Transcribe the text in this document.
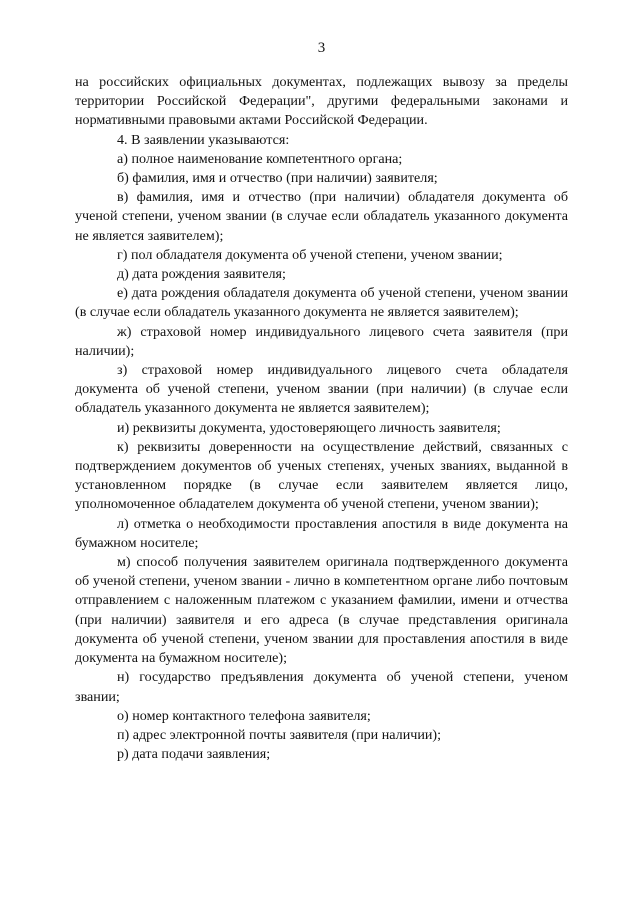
3

на российских официальных документах, подлежащих вывозу за пределы территории Российской Федерации", другими федеральными законами и нормативными правовыми актами Российской Федерации.

4. В заявлении указываются:

а) полное наименование компетентного органа;

б) фамилия, имя и отчество (при наличии) заявителя;

в) фамилия, имя и отчество (при наличии) обладателя документа об ученой степени, ученом звании (в случае если обладатель указанного документа не является заявителем);

г) пол обладателя документа об ученой степени, ученом звании;

д) дата рождения заявителя;

е) дата рождения обладателя документа об ученой степени, ученом звании (в случае если обладатель указанного документа не является заявителем);

ж) страховой номер индивидуального лицевого счета заявителя (при наличии);

з) страховой номер индивидуального лицевого счета обладателя документа об ученой степени, ученом звании (при наличии) (в случае если обладатель указанного документа не является заявителем);

и) реквизиты документа, удостоверяющего личность заявителя;

к) реквизиты доверенности на осуществление действий, связанных с подтверждением документов об ученых степенях, ученых званиях, выданной в установленном порядке (в случае если заявителем является лицо, уполномоченное обладателем документа об ученой степени, ученом звании);

л) отметка о необходимости проставления апостиля в виде документа на бумажном носителе;

м) способ получения заявителем оригинала подтвержденного документа об ученой степени, ученом звании - лично в компетентном органе либо почтовым отправлением с наложенным платежом с указанием фамилии, имени и отчества (при наличии) заявителя и его адреса (в случае представления оригинала документа об ученой степени, ученом звании для проставления апостиля в виде документа на бумажном носителе);

н) государство предъявления документа об ученой степени, ученом звании;

о) номер контактного телефона заявителя;

п) адрес электронной почты заявителя (при наличии);

р) дата подачи заявления;
